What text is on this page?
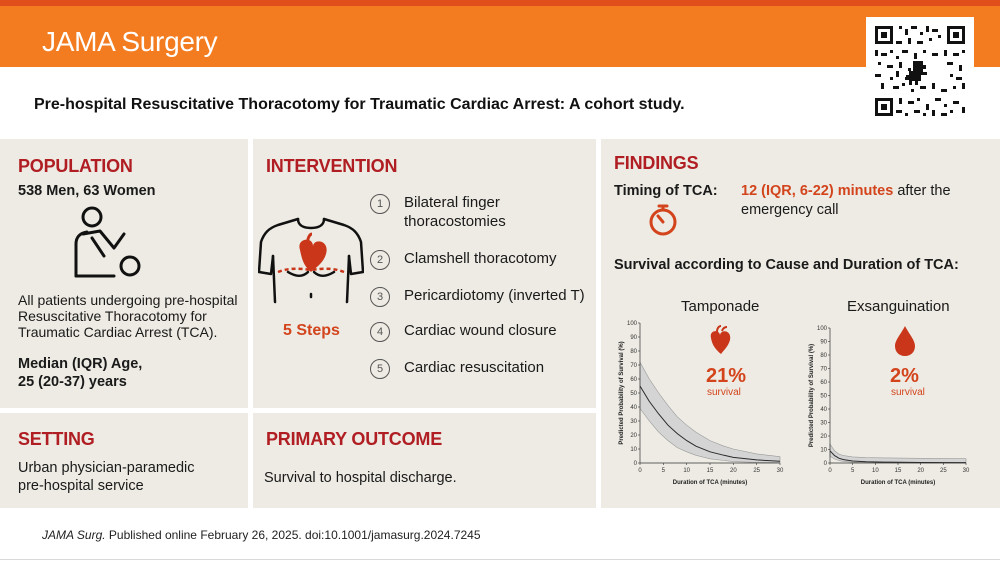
JAMA Surgery
Pre-hospital Resuscitative Thoracotomy for Traumatic Cardiac Arrest: A cohort study.
POPULATION
538 Men, 63 Women
All patients undergoing pre-hospital Resuscitative Thoracotomy for Traumatic Cardiac Arrest (TCA).
Median (IQR) Age,
25 (20-37) years
INTERVENTION
5 Steps
1	Bilateral finger
thoracostomies
2	Clamshell thoracotomy
3	Pericardiotomy (inverted T)
4	Cardiac wound closure
5	Cardiac resuscitation
SETTING
Urban physician-paramedic
pre-hospital service
PRIMARY OUTCOME
Survival to hospital discharge.
FINDINGS
Timing of TCA: 12 (IQR, 6-22) minutes after the
emergency call
Survival according to Cause and Duration of TCA:
Tamponade	Exsanguination
0
10
20
30
40
50
60
70
80
90
100
0	5	10	15	20	25	30
Duration of TCA (minutes)
Predicted Probability of Survival (%)
0
10
20
30
40
50
60
70
80
90
100
0	5	10	15	20	25	30
Duration of TCA (minutes)
Predicted Probability of Survival (%)
21%
survival
2%
survival
JAMA Surg. Published online February 26, 2025. doi:10.1001/jamasurg.2024.7245
